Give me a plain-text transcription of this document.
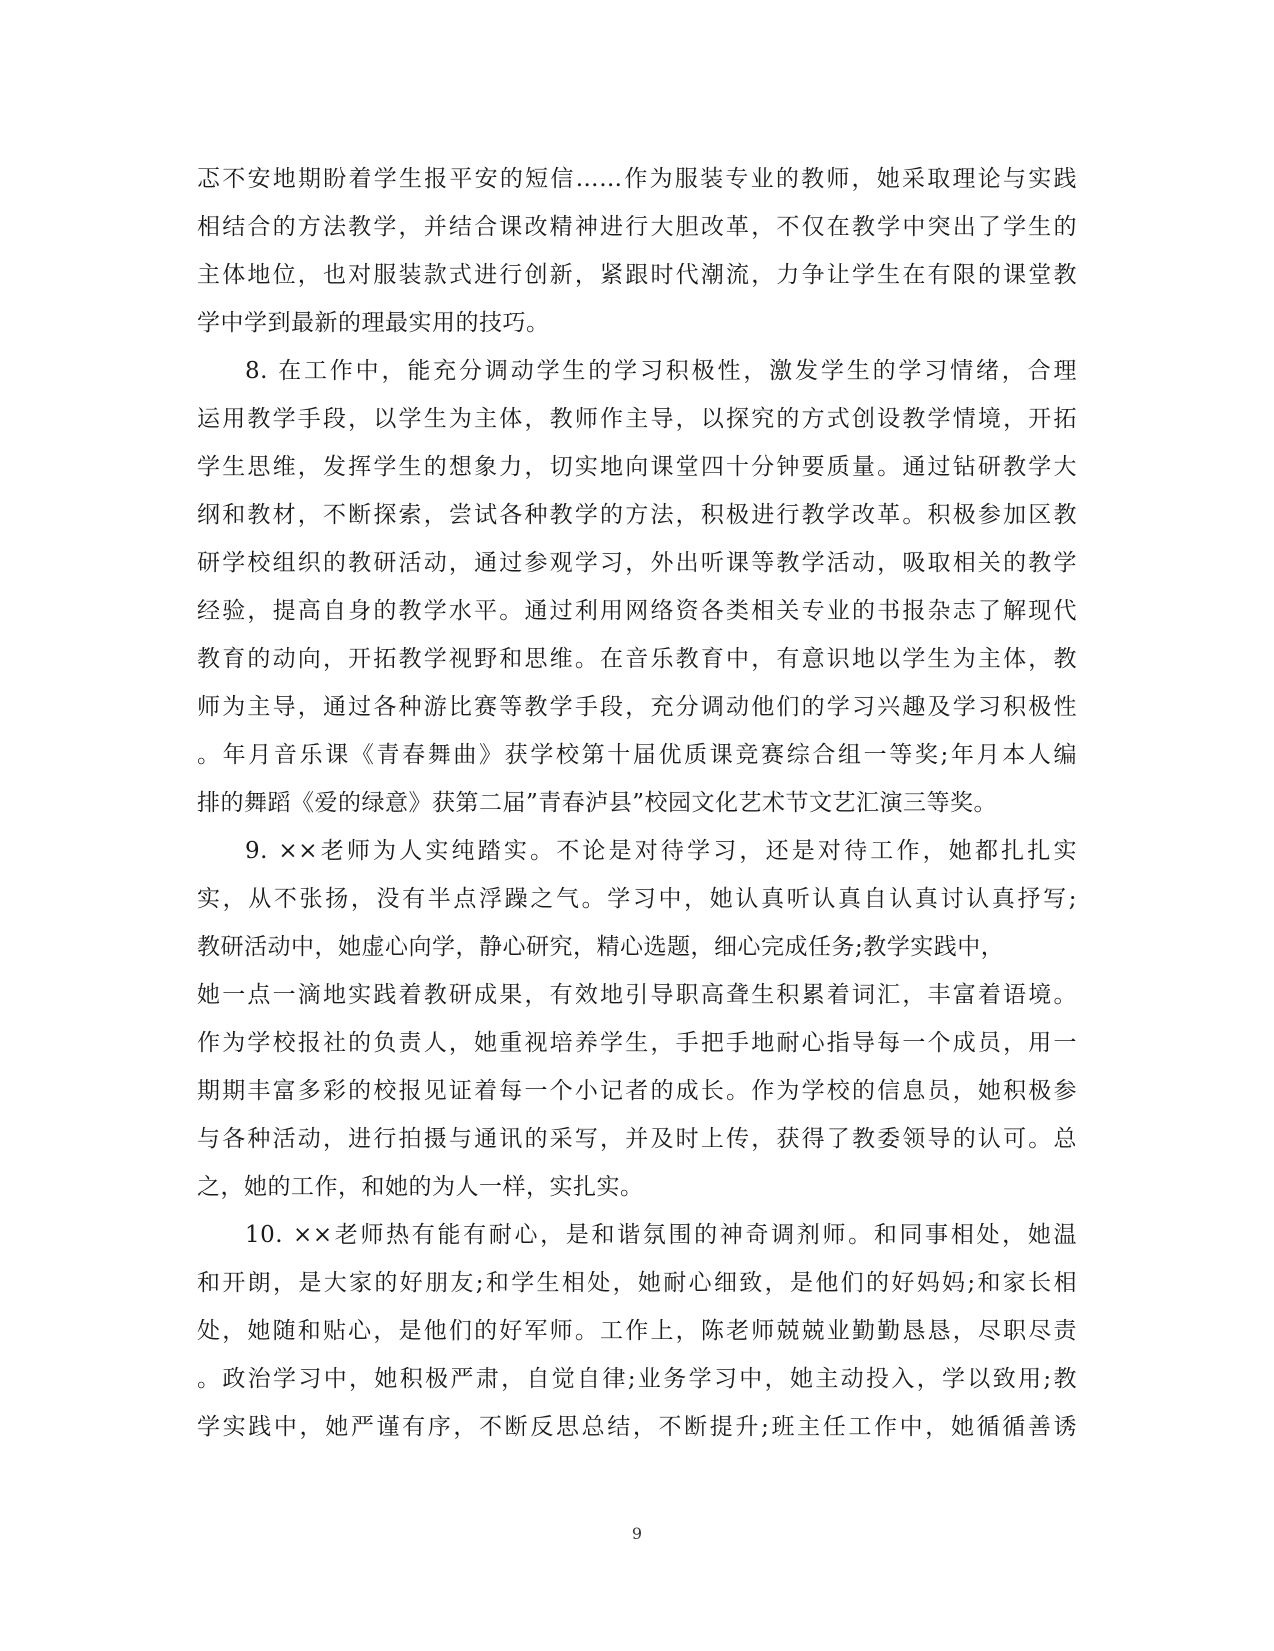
忑不安地期盼着学生报平安的短信……作为服装专业的教师，她采取理论与实践
相结合的方法教学，并结合课改精神进行大胆改革，不仅在教学中突出了学生的
主体地位，也对服装款式进行创新，紧跟时代潮流，力争让学生在有限的课堂教
学中学到最新的理最实用的技巧。
8. 在工作中，能充分调动学生的学习积极性，激发学生的学习情绪，合理
运用教学手段，以学生为主体，教师作主导，以探究的方式创设教学情境，开拓
学生思维，发挥学生的想象力，切实地向课堂四十分钟要质量。通过钻研教学大
纲和教材，不断探索，尝试各种教学的方法，积极进行教学改革。积极参加区教
研学校组织的教研活动，通过参观学习，外出听课等教学活动，吸取相关的教学
经验，提高自身的教学水平。通过利用网络资各类相关专业的书报杂志了解现代
教育的动向，开拓教学视野和思维。在音乐教育中，有意识地以学生为主体，教
师为主导，通过各种游比赛等教学手段，充分调动他们的学习兴趣及学习积极性
。年月音乐课《青春舞曲》获学校第十届优质课竞赛综合组一等奖;年月本人编
排的舞蹈《爱的绿意》获第二届”青春泸县”校园文化艺术节文艺汇演三等奖。
9. ××老师为人实纯踏实。不论是对待学习，还是对待工作，她都扎扎实
实，从不张扬，没有半点浮躁之气。学习中，她认真听认真自认真讨认真抒写;
教研活动中，她虚心向学，静心研究，精心选题，细心完成任务;教学实践中，
她一点一滴地实践着教研成果，有效地引导职高聋生积累着词汇，丰富着语境。
作为学校报社的负责人，她重视培养学生，手把手地耐心指导每一个成员，用一
期期丰富多彩的校报见证着每一个小记者的成长。作为学校的信息员，她积极参
与各种活动，进行拍摄与通讯的采写，并及时上传，获得了教委领导的认可。总
之，她的工作，和她的为人一样，实扎实。
10. ××老师热有能有耐心，是和谐氛围的神奇调剂师。和同事相处，她温
和开朗，是大家的好朋友;和学生相处，她耐心细致，是他们的好妈妈;和家长相
处，她随和贴心，是他们的好军师。工作上，陈老师兢兢业勤勤恳恳，尽职尽责
。政治学习中，她积极严肃，自觉自律;业务学习中，她主动投入，学以致用;教
学实践中，她严谨有序，不断反思总结，不断提升;班主任工作中，她循循善诱
9
